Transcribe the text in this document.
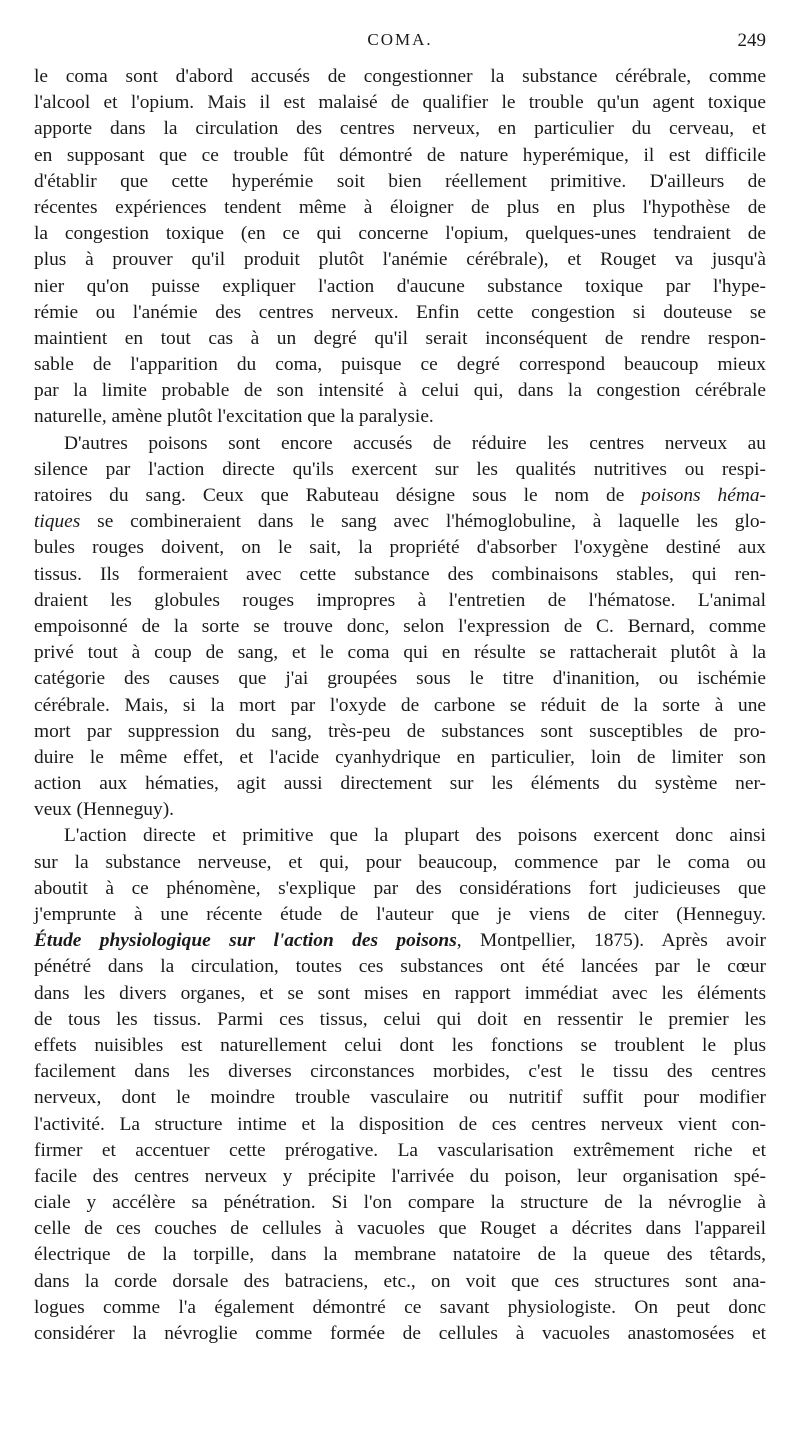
COMA.	249
le coma sont d'abord accusés de congestionner la substance cérébrale, comme
l'alcool et l'opium. Mais il est malaisé de qualifier le trouble qu'un agent toxique
apporte dans la circulation des centres nerveux, en particulier du cerveau, et
en supposant que ce trouble fût démontré de nature hyperémique, il est difficile
d'établir que cette hyperémie soit bien réellement primitive. D'ailleurs de
récentes expériences tendent même à éloigner de plus en plus l'hypothèse de
la congestion toxique (en ce qui concerne l'opium, quelques-unes tendraient de
plus à prouver qu'il produit plutôt l'anémie cérébrale), et Rouget va jusqu'à
nier qu'on puisse expliquer l'action d'aucune substance toxique par l'hype-
rémie ou l'anémie des centres nerveux. Enfin cette congestion si douteuse se
maintient en tout cas à un degré qu'il serait inconséquent de rendre respon-
sable de l'apparition du coma, puisque ce degré correspond beaucoup mieux
par la limite probable de son intensité à celui qui, dans la congestion cérébrale
naturelle, amène plutôt l'excitation que la paralysie.
D'autres poisons sont encore accusés de réduire les centres nerveux au
silence par l'action directe qu'ils exercent sur les qualités nutritives ou respi-
ratoires du sang. Ceux que Rabuteau désigne sous le nom de poisons héma-
tiques se combineraient dans le sang avec l'hémoglobuline, à laquelle les glo-
bules rouges doivent, on le sait, la propriété d'absorber l'oxygène destiné aux
tissus. Ils formeraient avec cette substance des combinaisons stables, qui ren-
draient les globules rouges impropres à l'entretien de l'hématose. L'animal
empoisonné de la sorte se trouve donc, selon l'expression de C. Bernard, comme
privé tout à coup de sang, et le coma qui en résulte se rattacherait plutôt à la
catégorie des causes que j'ai groupées sous le titre d'inanition, ou ischémie
cérébrale. Mais, si la mort par l'oxyde de carbone se réduit de la sorte à une
mort par suppression du sang, très-peu de substances sont susceptibles de pro-
duire le même effet, et l'acide cyanhydrique en particulier, loin de limiter son
action aux hématies, agit aussi directement sur les éléments du système ner-
veux (Henneguy).
L'action directe et primitive que la plupart des poisons exercent donc ainsi
sur la substance nerveuse, et qui, pour beaucoup, commence par le coma ou
aboutit à ce phénomène, s'explique par des considérations fort judicieuses que
j'emprunte à une récente étude de l'auteur que je viens de citer (Henneguy.
Étude physiologique sur l'action des poisons, Montpellier, 1875). Après avoir
pénétré dans la circulation, toutes ces substances ont été lancées par le cœur
dans les divers organes, et se sont mises en rapport immédiat avec les éléments
de tous les tissus. Parmi ces tissus, celui qui doit en ressentir le premier les
effets nuisibles est naturellement celui dont les fonctions se troublent le plus
facilement dans les diverses circonstances morbides, c'est le tissu des centres
nerveux, dont le moindre trouble vasculaire ou nutritif suffit pour modifier
l'activité. La structure intime et la disposition de ces centres nerveux vient con-
firmer et accentuer cette prérogative. La vascularisation extrêmement riche et
facile des centres nerveux y précipite l'arrivée du poison, leur organisation spé-
ciale y accélère sa pénétration. Si l'on compare la structure de la névroglie à
celle de ces couches de cellules à vacuoles que Rouget a décrites dans l'appareil
électrique de la torpille, dans la membrane natatoire de la queue des têtards,
dans la corde dorsale des batraciens, etc., on voit que ces structures sont ana-
logues comme l'a également démontré ce savant physiologiste. On peut donc
considérer la névroglie comme formée de cellules à vacuoles anastomosées et
